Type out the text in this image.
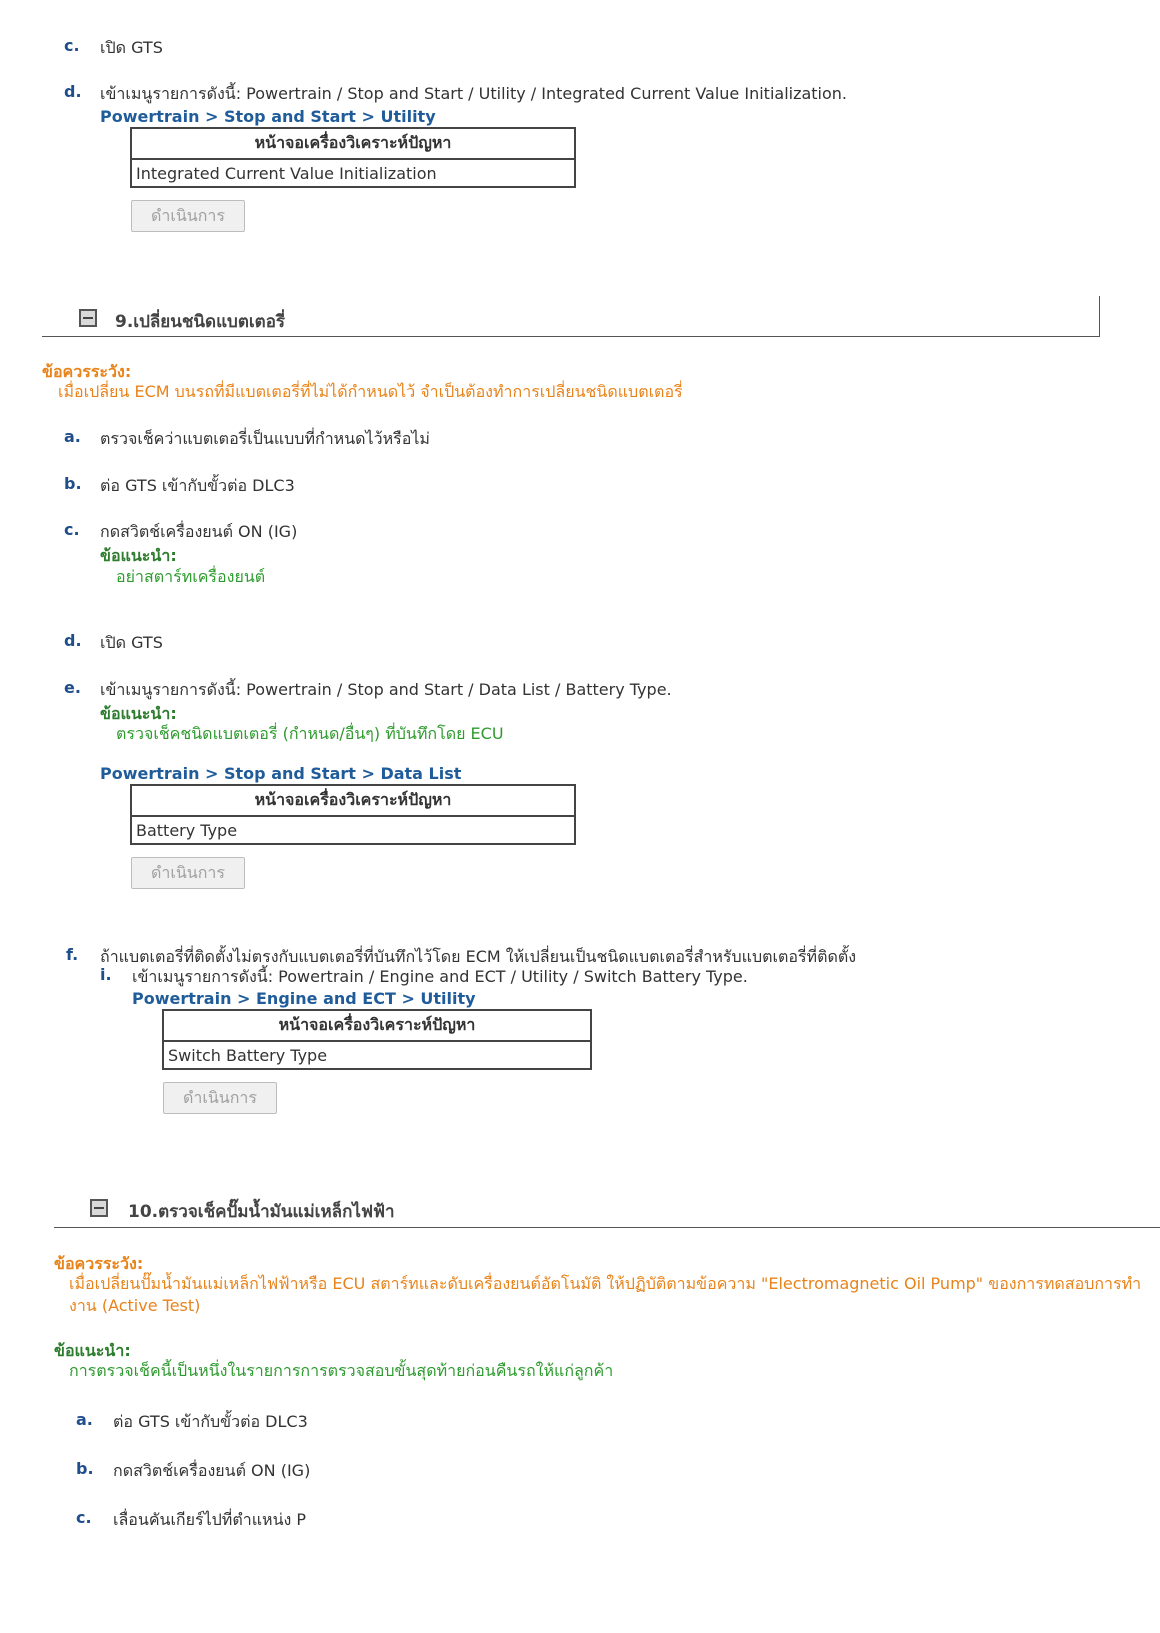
c. เปิด GTS
d. เข้าเมนูรายการดังนี้: Powertrain / Stop and Start / Utility / Integrated Current Value Initialization.
Powertrain > Stop and Start > Utility
หน้าจอเครื่องวิเคราะห์ปัญหา
Integrated Current Value Initialization
ดำเนินการ
9.เปลี่ยนชนิดแบตเตอรี่
ข้อควรระวัง:
เมื่อเปลี่ยน ECM บนรถที่มีแบตเตอรี่ที่ไม่ได้กำหนดไว้ จำเป็นต้องทำการเปลี่ยนชนิดแบตเตอรี่
a. ตรวจเช็คว่าแบตเตอรี่เป็นแบบที่กำหนดไว้หรือไม่
b. ต่อ GTS เข้ากับขั้วต่อ DLC3
c. กดสวิตช์เครื่องยนต์ ON (IG)
ข้อแนะนำ:
อย่าสตาร์ทเครื่องยนต์
d. เปิด GTS
e. เข้าเมนูรายการดังนี้: Powertrain / Stop and Start / Data List / Battery Type.
ข้อแนะนำ:
ตรวจเช็คชนิดแบตเตอรี่ (กำหนด/อื่นๆ) ที่บันทึกโดย ECU
Powertrain > Stop and Start > Data List
หน้าจอเครื่องวิเคราะห์ปัญหา
Battery Type
ดำเนินการ
f. ถ้าแบตเตอรี่ที่ติดตั้งไม่ตรงกับแบตเตอรี่ที่บันทึกไว้โดย ECM ให้เปลี่ยนเป็นชนิดแบตเตอรี่สำหรับแบตเตอรี่ที่ติดตั้ง
i. เข้าเมนูรายการดังนี้: Powertrain / Engine and ECT / Utility / Switch Battery Type.
Powertrain > Engine and ECT > Utility
หน้าจอเครื่องวิเคราะห์ปัญหา
Switch Battery Type
ดำเนินการ
10.ตรวจเช็คปั๊มน้ำมันแม่เหล็กไฟฟ้า
ข้อควรระวัง:
เมื่อเปลี่ยนปั๊มน้ำมันแม่เหล็กไฟฟ้าหรือ ECU สตาร์ทและดับเครื่องยนต์อัตโนมัติ ให้ปฏิบัติตามข้อความ "Electromagnetic Oil Pump" ของการทดสอบการทำ
งาน (Active Test)
ข้อแนะนำ:
การตรวจเช็คนี้เป็นหนึ่งในรายการการตรวจสอบขั้นสุดท้ายก่อนคืนรถให้แก่ลูกค้า
a. ต่อ GTS เข้ากับขั้วต่อ DLC3
b. กดสวิตช์เครื่องยนต์ ON (IG)
c. เลื่อนคันเกียร์ไปที่ตำแหน่ง P
